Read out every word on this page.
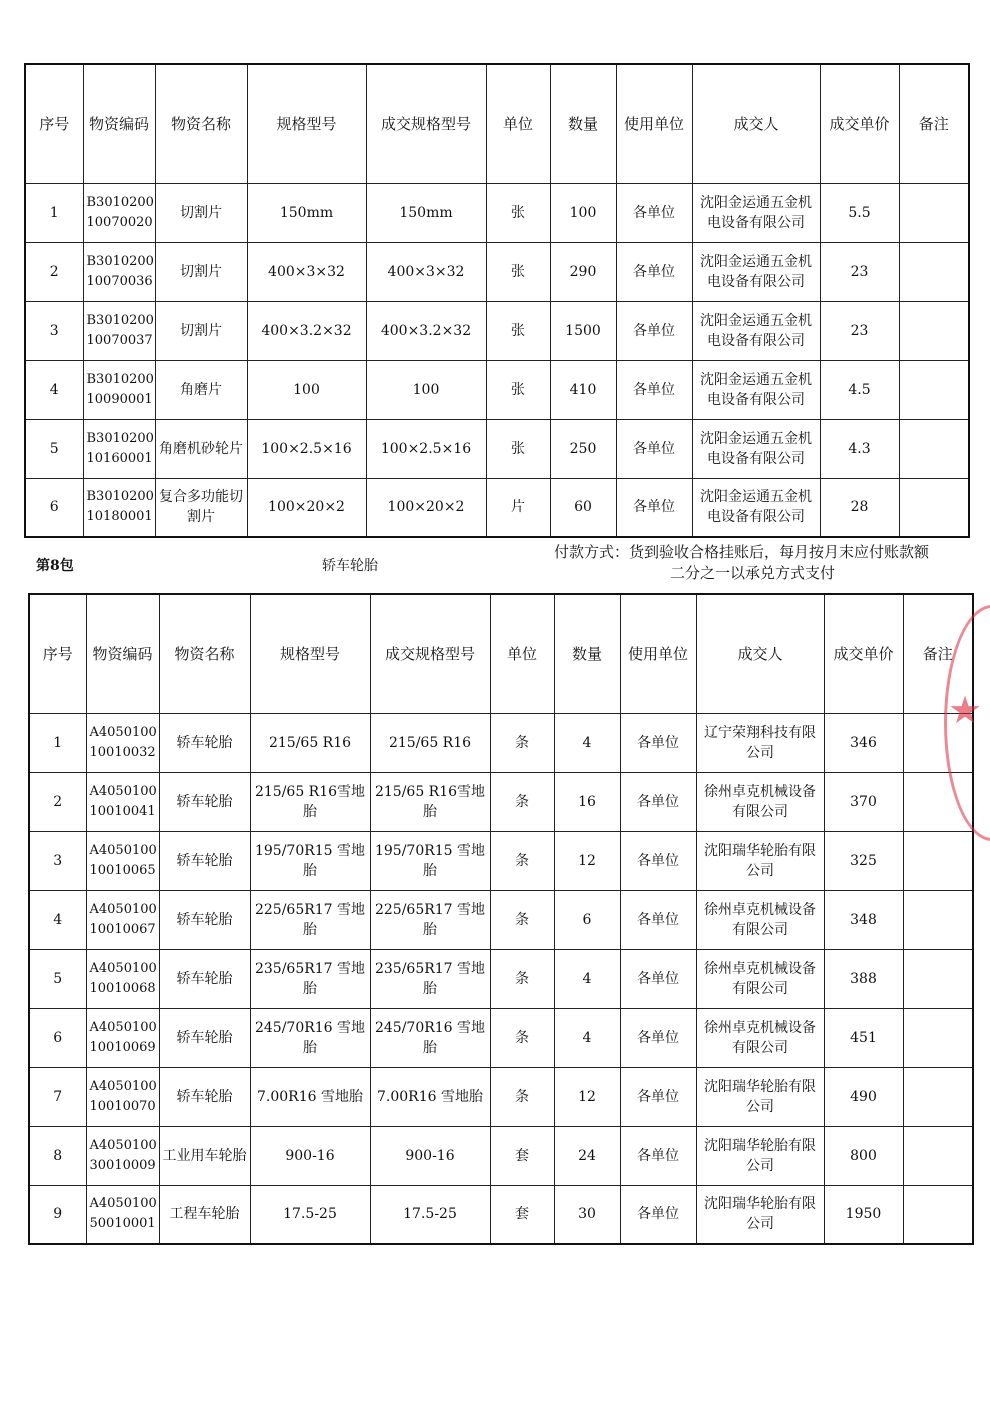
序号	物资编码	物资名称	规格型号	成交规格型号	单位	数量	使用单位	成交人	成交单价	备注
1	B3010200 10070020	切割片	150mm	150mm	张	100	各单位	沈阳金运通五金机电设备有限公司	5.5	
2	B3010200 10070036	切割片	400×3×32	400×3×32	张	290	各单位	沈阳金运通五金机电设备有限公司	23	
3	B3010200 10070037	切割片	400×3.2×32	400×3.2×32	张	1500	各单位	沈阳金运通五金机电设备有限公司	23	
4	B3010200 10090001	角磨片	100	100	张	410	各单位	沈阳金运通五金机电设备有限公司	4.5	
5	B3010200 10160001	角磨机砂轮片	100×2.5×16	100×2.5×16	张	250	各单位	沈阳金运通五金机电设备有限公司	4.3	
6	B3010200 10180001	复合多功能切割片	100×20×2	100×20×2	片	60	各单位	沈阳金运通五金机电设备有限公司	28	
第8包	轿车轮胎
付款方式：货到验收合格挂账后，每月按月末应付账款额
二分之一以承兑方式支付
序号	物资编码	物资名称	规格型号	成交规格型号	单位	数量	使用单位	成交人	成交单价	备注
1	A4050100 10010032	轿车轮胎	215/65 R16	215/65 R16	条	4	各单位	辽宁荣翔科技有限公司	346	
2	A4050100 10010041	轿车轮胎	215/65 R16雪地胎	215/65 R16雪地胎	条	16	各单位	徐州卓克机械设备有限公司	370	
3	A4050100 10010065	轿车轮胎	195/70R15 雪地胎	195/70R15 雪地胎	条	12	各单位	沈阳瑞华轮胎有限公司	325	
4	A4050100 10010067	轿车轮胎	225/65R17 雪地胎	225/65R17 雪地胎	条	6	各单位	徐州卓克机械设备有限公司	348	
5	A4050100 10010068	轿车轮胎	235/65R17 雪地胎	235/65R17 雪地胎	条	4	各单位	徐州卓克机械设备有限公司	388	
6	A4050100 10010069	轿车轮胎	245/70R16 雪地胎	245/70R16 雪地胎	条	4	各单位	徐州卓克机械设备有限公司	451	
7	A4050100 10010070	轿车轮胎	7.00R16 雪地胎	7.00R16 雪地胎	条	12	各单位	沈阳瑞华轮胎有限公司	490	
8	A4050100 30010009	工业用车轮胎	900-16	900-16	套	24	各单位	沈阳瑞华轮胎有限公司	800	
9	A4050100 50010001	工程车轮胎	17.5-25	17.5-25	套	30	各单位	沈阳瑞华轮胎有限公司	1950	
★
